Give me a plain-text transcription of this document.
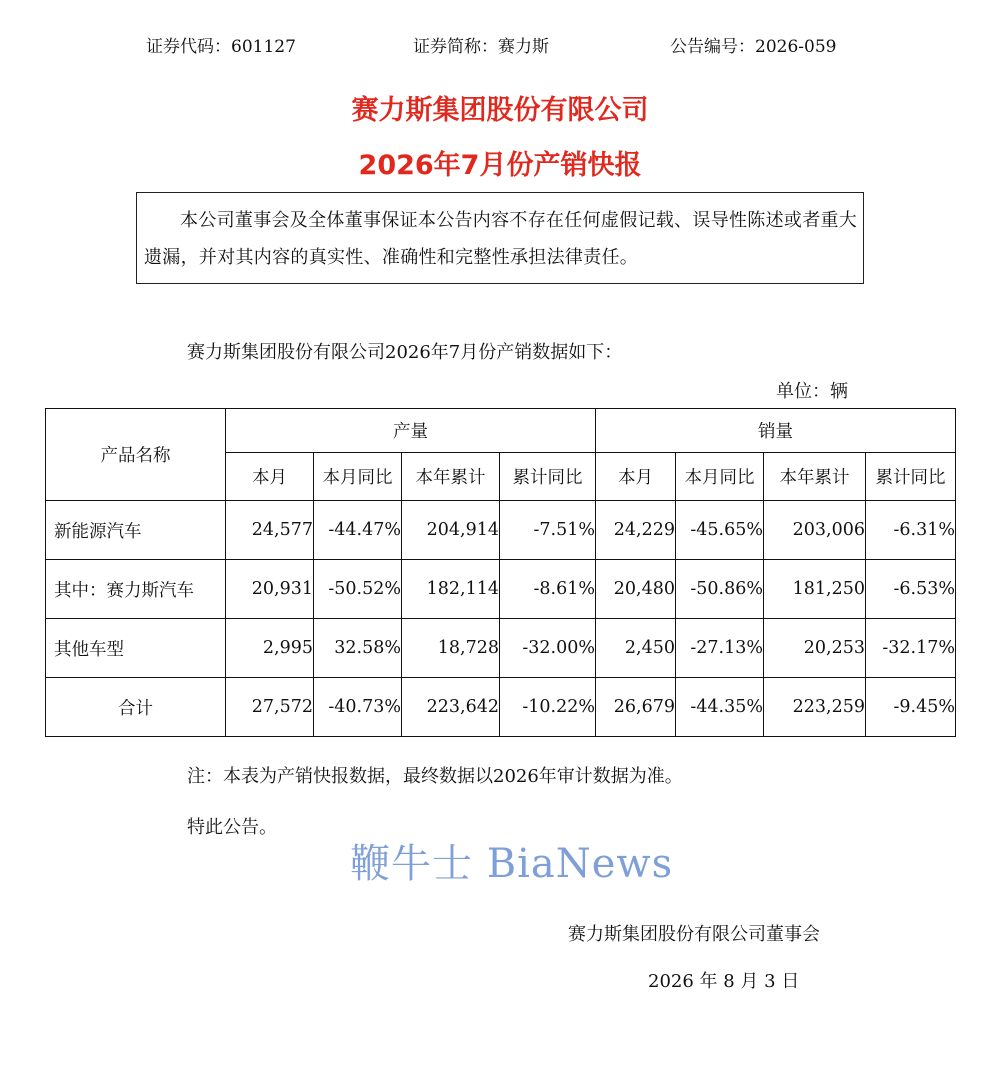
证券代码：601127	证券简称：赛力斯	公告编号：2026-059
赛力斯集团股份有限公司
2026年7月份产销快报
本公司董事会及全体董事保证本公告内容不存在任何虚假记载、误导性陈述或者重大遗漏，并对其内容的真实性、准确性和完整性承担法律责任。
赛力斯集团股份有限公司2026年7月份产销数据如下：
单位：辆
产品名称	产量				销量			
	本月	本月同比	本年累计	累计同比	本月	本月同比	本年累计	累计同比
新能源汽车	24,577	-44.47%	204,914	-7.51%	24,229	-45.65%	203,006	-6.31%
其中：赛力斯汽车	20,931	-50.52%	182,114	-8.61%	20,480	-50.86%	181,250	-6.53%
其他车型	2,995	32.58%	18,728	-32.00%	2,450	-27.13%	20,253	-32.17%
合计	27,572	-40.73%	223,642	-10.22%	26,679	-44.35%	223,259	-9.45%
注：本表为产销快报数据，最终数据以2026年审计数据为准。
特此公告。
鞭牛士 BiaNews
赛力斯集团股份有限公司董事会
2026 年 8 月 3 日
